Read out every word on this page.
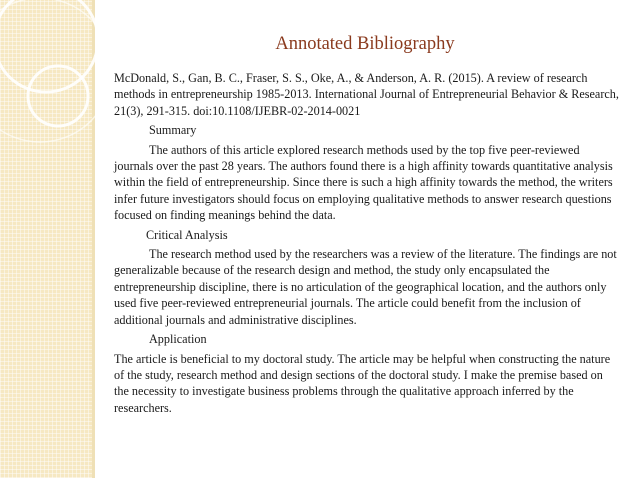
Annotated Bibliography

McDonald, S., Gan, B. C., Fraser, S. S., Oke, A., & Anderson, A. R. (2015). A review of research methods in entrepreneurship 1985-2013. International Journal of Entrepreneurial Behavior & Research, 21(3), 291-315. doi:10.1108/IJEBR-02-2014-0021

Summary

The authors of this article explored research methods used by the top five peer-reviewed journals over the past 28 years. The authors found there is a high affinity towards quantitative analysis within the field of entrepreneurship. Since there is such a high affinity towards the method, the writers infer future investigators should focus on employing qualitative methods to answer research questions focused on finding meanings behind the data.

Critical Analysis

The research method used by the researchers was a review of the literature. The findings are not generalizable because of the research design and method, the study only encapsulated the entrepreneurship discipline, there is no articulation of the geographical location, and the authors only used five peer-reviewed entrepreneurial journals. The article could benefit from the inclusion of additional journals and administrative disciplines.

Application

The article is beneficial to my doctoral study. The article may be helpful when constructing the nature of the study, research method and design sections of the doctoral study. I make the premise based on the necessity to investigate business problems through the qualitative approach inferred by the researchers.
